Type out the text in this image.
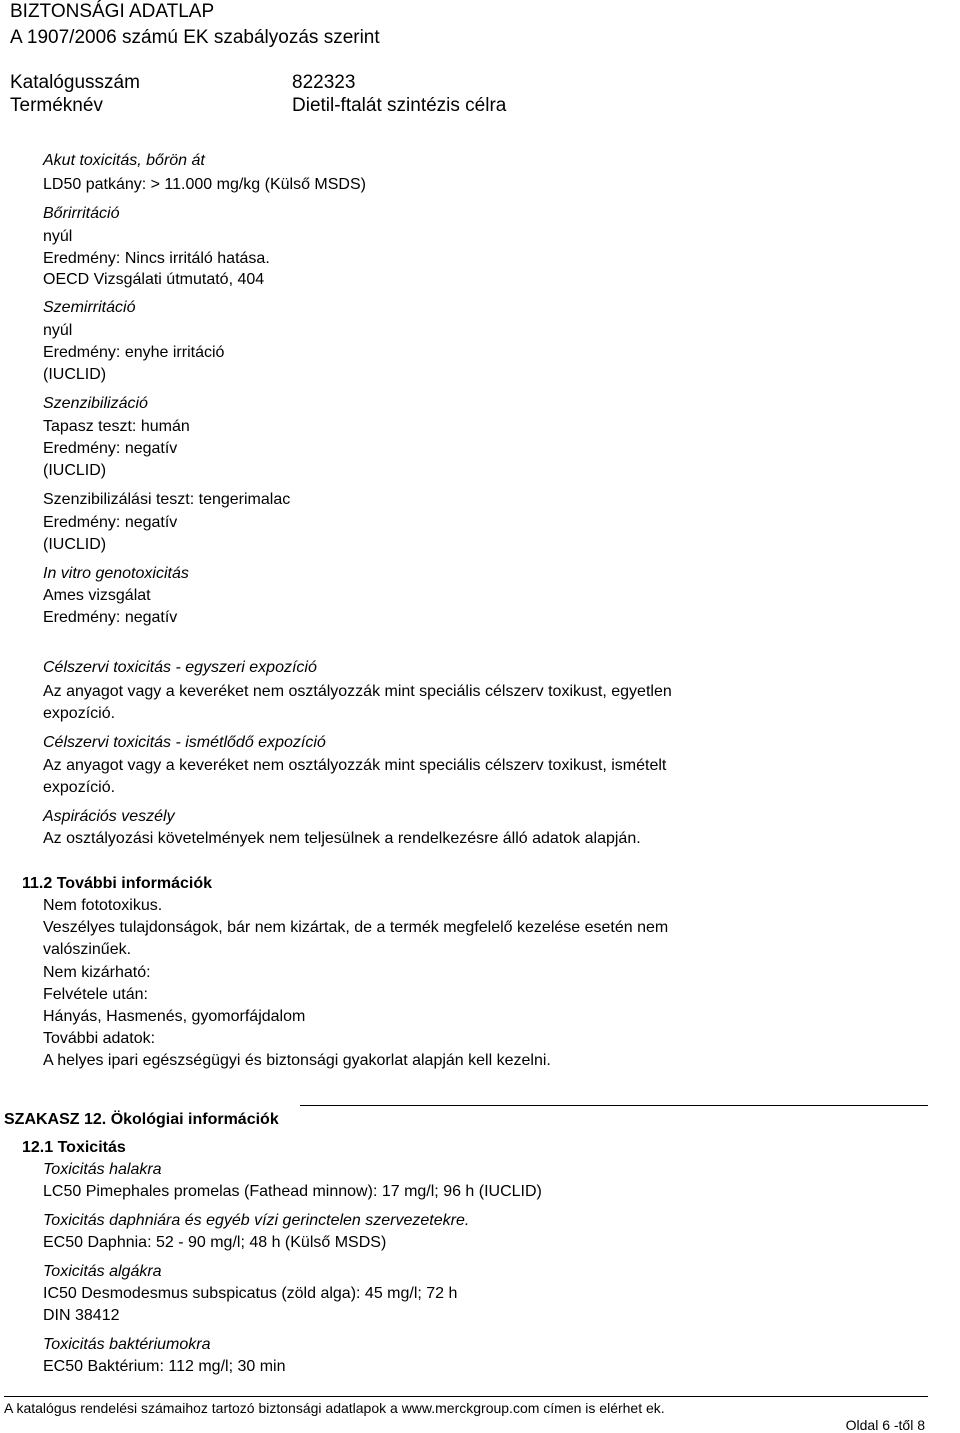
BIZTONSÁGI ADATLAP
A 1907/2006 számú EK szabályozás szerint
Katalógusszám	822323
Terméknév	Dietil-ftalát szintézis célra
Akut toxicitás, bőrön át
LD50 patkány: > 11.000 mg/kg (Külső MSDS)
Bőrirritáció
nyúl
Eredmény: Nincs irritáló hatása.
OECD Vizsgálati útmutató, 404
Szemirritáció
nyúl
Eredmény: enyhe irritáció
(IUCLID)
Szenzibilizáció
Tapasz teszt: humán
Eredmény: negatív
(IUCLID)
Szenzibilizálási teszt: tengerimalac
Eredmény: negatív
(IUCLID)
In vitro genotoxicitás
Ames vizsgálat
Eredmény: negatív
Célszervi toxicitás - egyszeri expozíció
Az anyagot vagy a keveréket nem osztályozzák mint speciális célszerv toxikust, egyetlen
expozíció.
Célszervi toxicitás - ismétlődő expozíció
Az anyagot vagy a keveréket nem osztályozzák mint speciális célszerv toxikust, ismételt
expozíció.
Aspirációs veszély
Az osztályozási követelmények nem teljesülnek a rendelkezésre álló adatok alapján.
11.2 További információk
Nem fototoxikus.
Veszélyes tulajdonságok, bár nem kizártak, de a termék megfelelő kezelése esetén nem
valószinűek.
Nem kizárható:
Felvétele után:
Hányás, Hasmenés, gyomorfájdalom
További adatok:
A helyes ipari egészségügyi és biztonsági gyakorlat alapján kell kezelni.
SZAKASZ 12. Ökológiai információk
12.1 Toxicitás
Toxicitás halakra
LC50 Pimephales promelas (Fathead minnow): 17 mg/l; 96 h (IUCLID)
Toxicitás daphniára és egyéb vízi gerinctelen szervezetekre.
EC50 Daphnia: 52 - 90 mg/l; 48 h (Külső MSDS)
Toxicitás algákra
IC50 Desmodesmus subspicatus (zöld alga): 45 mg/l; 72 h
DIN 38412
Toxicitás baktériumokra
EC50 Baktérium: 112 mg/l; 30 min
A katalógus rendelési számaihoz tartozó biztonsági adatlapok a www.merckgroup.com címen is elérhet ek.
Oldal 6 -től 8
